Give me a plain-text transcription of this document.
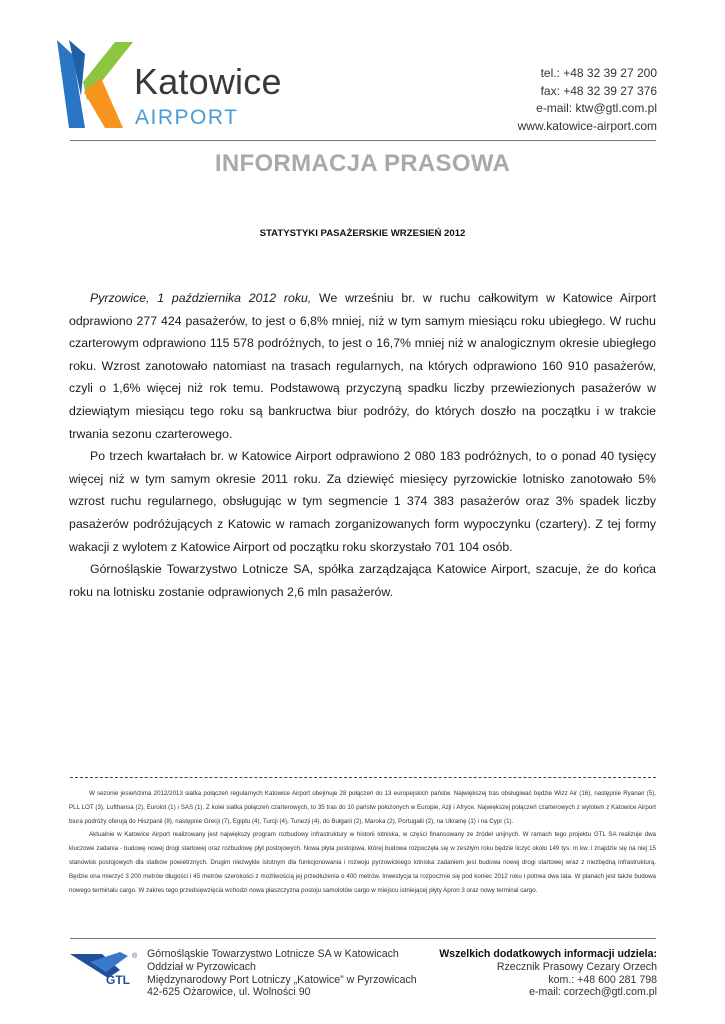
Katowice
AIRPORT
tel.: +48 32 39 27 200
fax: +48 32 39 27 376
e-mail: ktw@gtl.com.pl
www.katowice-airport.com
INFORMACJA PRASOWA
STATYSTYKI PASAŻERSKIE WRZESIEŃ 2012

Pyrzowice, 1 października 2012 roku, We wrześniu br. w ruchu całkowitym w Katowice Airport odprawiono 277 424 pasażerów, to jest o 6,8% mniej, niż w tym samym miesiącu roku ubiegłego. W ruchu czarterowym odprawiono 115 578 podróżnych, to jest o 16,7% mniej niż w analogicznym okresie ubiegłego roku. Wzrost zanotowało natomiast na trasach regularnych, na których odprawiono 160 910 pasażerów, czyli o 1,6% więcej niż rok temu. Podstawową przyczyną spadku liczby przewiezionych pasażerów w dziewiątym miesiącu tego roku są bankructwa biur podróży, do których doszło na początku i w trakcie trwania sezonu czarterowego.

Po trzech kwartałach br. w Katowice Airport odprawiono 2 080 183 podróżnych, to o ponad 40 tysięcy więcej niż w tym samym okresie 2011 roku. Za dziewięć miesięcy pyrzowickie lotnisko zanotowało 5% wzrost ruchu regularnego, obsługując w tym segmencie 1 374 383 pasażerów oraz 3% spadek liczby pasażerów podróżujących z Katowic w ramach zorganizowanych form wypoczynku (czartery). Z tej formy wakacji z wylotem z Katowice Airport od początku roku skorzystało 701 104 osób.

Górnośląskie Towarzystwo Lotnicze SA, spółka zarządzająca Katowice Airport, szacuje, że do końca roku na lotnisku zostanie odprawionych 2,6 mln pasażerów.

W sezonie jesień/zima 2012/2013 siatka połączeń regularnych Katowice Airport obejmuje 28 połączeń do 13 europejskich państw. Największej tras obsługiwać będzie Wizz Air (16), następnie Ryanair (5), PLL LOT (3), Lufthansa (2), Eurolot (1) i SAS (1). Z kolei siatka połączeń czarterowych, to 35 tras do 10 państw położonych w Europie, Azji i Afryce. Największej połączeń czarterowych z wylotem z Katowice Airport biura podróży oferują do Hiszpanii (8), następnie Grecji (7), Egiptu (4), Turcji (4), Tunezji (4), do Bułgarii (2), Maroka (2), Portugalii (2), na Ukrainę (1) i na Cypr (1).

Aktualnie w Katowice Airport realizowany jest największy program rozbudowy infrastruktury w historii lotniska, w części finansowany ze źródeł unijnych. W ramach tego projektu GTL SA realizuje dwa kluczowe zadania - budowę nowej drogi startowej oraz rozbudowę płyt postojowych. Nowa płyta postojowa, której budowa rozpoczęła się w zeszłym roku będzie liczyć około 149 tys. m kw. i znajdzie się na niej 15 stanowisk postojowych dla statków powietrznych. Drugim niezwykle istotnym dla funkcjonowania i rozwoju pyrzowickiego lotniska zadaniem jest budowa nowej drogi startowej wraz z niezbędną infrastrukturą. Będzie ona mierzyć 3 200 metrów długości i 45 metrów szerokości z możliwością jej przedłużenia o 400 metrów. Inwestycja ta rozpocznie się pod koniec 2012 roku i potrwa dwa lata. W planach jest także budowa nowego terminalu cargo. W zakres tego przedsięwzięcia wchodzi nowa płaszczyzna postoju samolotów cargo w miejscu istniejącej płyty Apron 3 oraz nowy terminal cargo.

GTL
® Górnośląskie Towarzystwo Lotnicze SA w Katowicach
Oddział w Pyrzowicach
Międzynarodowy Port Lotniczy „Katowice” w Pyrzowicach
42-625 Ożarowice, ul. Wolności 90
Wszelkich dodatkowych informacji udziela:
Rzecznik Prasowy Cezary Orzech
kom.: +48 600 281 798
e-mail: corzech@gtl.com.pl
